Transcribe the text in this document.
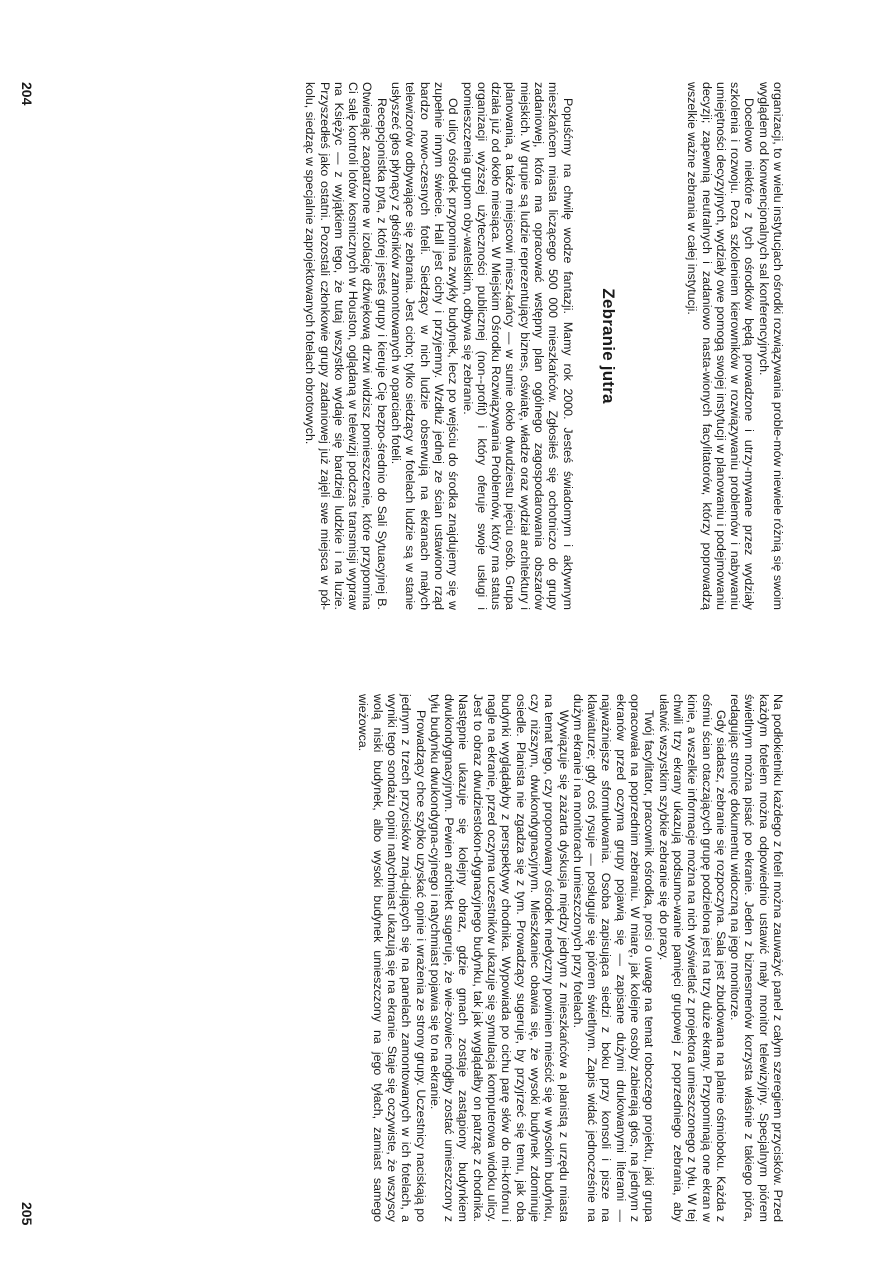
organizacji, to w wielu instytucjach ośrodki rozwiązywania proble-mów niewiele różnią się swoim wyglądem od konwencjonalnych sal konferencyjnych.

Docelowo niektóre z tych ośrodków będą prowadzone i utrzy-mywane przez wydziały szkolenia i rozwoju. Poza szkoleniem kierowników w rozwiązywaniu problemów i nabywaniu umiejętności decyzyjnych, wydziały owe pomogą swojej instytucji w planowaniu i podejmowaniu decyzji; zapewnią neutralnych i zadaniowo nasta-wionych facylitatorów, którzy poprowadzą wszelkie ważne zebrania w całej instytucji.

Zebranie jutra

Popuśćmy na chwilę wodze fantazji. Mamy rok 2000. Jesteś świadomym i aktywnym mieszkańcem miasta liczącego 500 000 mieszkańców. Zgłosiłeś się ochotniczo do grupy zadaniowej, która ma opracować wstępny plan ogólnego zagospodarowania obszarów miejskich. W grupie są ludzie reprezentujący biznes, oświatę, władze oraz wydział architektury i planowania, a także miejscowi miesz-kańcy — w sumie około dwudziestu pięciu osób. Grupa działa już od około miesiąca. W Miejskim Ośrodku Rozwiązywania Problemów, który ma status organizacji wyższej użyteczności publicznej (non--profit) i który oferuje swoje usługi i pomieszczenia grupom oby-watelskim, odbywa się zebranie.

Od ulicy ośrodek przypomina zwykły budynek, lecz po wejściu do środka znajdujemy się w zupełnie innym świecie. Hall jest cichy i przyjemny. Wzdłuż jednej ze ścian ustawiono rząd bardzo nowo-czesnych foteli. Siedzący w nich ludzie obserwują na ekranach małych telewizorów odbywające się zebrania. Jest cicho; tylko siedzący w fotelach ludzie są w stanie usłyszeć głos płynący z głośników zamontowanych w oparciach foteli.

Recepcjonistka pyta, z której jesteś grupy i kieruje Cię bezpo-średnio do Sali Sytuacyjnej B. Otwierając zaopatrzone w izolację dźwiękową drzwi widzisz pomieszczenie, które przypomina Ci salę kontroli lotów kosmicznych w Houston, oglądaną w telewizji podczas transmisji wypraw na Księżyc — z wyjątkiem tego, że tutaj wszystko wydaje się bardziej ludzkie i na luzie. Przyszedłeś jako ostatni. Pozostali członkowie grupy zadaniowej już zajęli swe miejsca w pół-kolu, siedząc w specjalnie zaprojektowanych fotelach obrotowych.

204

Na podłokietniku każdego z foteli można zauważyć panel z całym szeregiem przycisków. Przed każdym fotelem można odpowiednio ustawić mały monitor telewizyjny. Specjalnym piórem świetlnym można pisać po ekranie. Jeden z biznesmenów korzysta właśnie z takiego pióra, redagując stronicę dokumentu widoczną na jego monitorze.

Gdy siadasz, zebranie się rozpoczyna. Sala jest zbudowana na planie ośmioboku. Każda z ośmiu ścian otaczających grupę podzielona jest na trzy duże ekrany. Przypominają one ekran w kinie, a wszelkie informacje można na nich wyświetlać z projektora umieszczonego z tyłu. W tej chwili trzy ekrany ukazują podsumo-wanie pamięci grupowej z poprzedniego zebrania, aby ułatwić wszystkim szybkie zebranie się do pracy.

Twój facylitator, pracownik ośrodka, prosi o uwagę na temat roboczego projektu, jaki grupa opracowała na poprzednim zebraniu. W miarę, jak kolejne osoby zabierają głos, na jednym z ekranów przed oczyma grupy pojawią się — zapisane dużymi drukowanymi literami — najważniejsze sformułowania. Osoba zapisująca siedzi z boku przy konsoli i pisze na klawiaturze; gdy coś rysuje — posługuje się piórem świetlnym. Zapis widać jednocześnie na dużym ekranie i na monitorach umieszczonych przy fotelach.

Wywiązuje się zażarta dyskusja między jednym z mieszkańców a planistą z urzędu miasta na temat tego, czy proponowany ośrodek medyczny powinien mieścić się w wysokim budynku, czy niższym, dwukondygnacyjnym. Mieszkaniec obawia się, że wysoki budynek zdominuje osiedle. Planista nie zgadza się z tym. Prowadzący sugeruje, by przyjrzeć się temu, jak oba budynki wyglądałyby z perspektywy chodnika. Wypowiada po cichu parę słów do mi-krofonu i nagle na ekranie, przed oczyma uczestników ukazuje się symulacja komputerowa widoku ulicy. Jest to obraz dwudziestokon-dygnacyjnego budynku, tak jak wyglądałby on patrząc z chodnika. Następnie ukazuje się kolejny obraz, gdzie gmach zostaje zastąpiony budynkiem dwukondygnacyjnym. Pewien architekt sugeruje, że wie-żowiec mógłby zostać umieszczony z tyłu budynku dwukondygna-cyjnego i natychmiast pojawia się to na ekranie.

Prowadzący chce szybko uzyskać opinie i wrażenia ze strony grupy. Uczestnicy naciskają po jednym z trzech przycisków znaj-dujących się na panelach zamontowanych w ich fotelach, a wyniki tego sondażu opinii natychmiast ukazują się na ekranie. Staje się oczywiste, że wszyscy wolą niski budynek, albo wysoki budynek umieszczony na jego tyłach, zamiast samego wieżowca.

205
